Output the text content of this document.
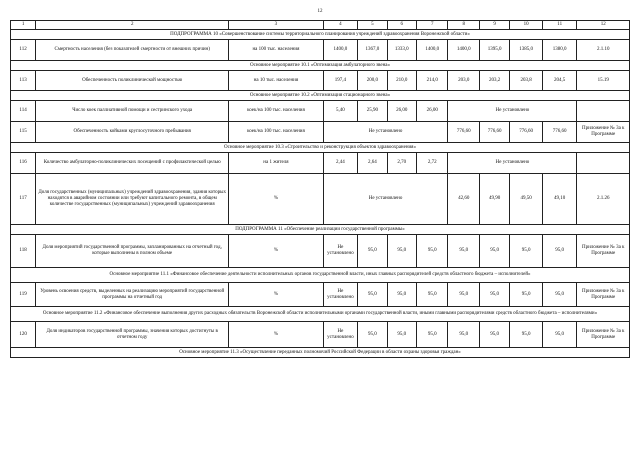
12
1	2	3	4	5	6	7	8	9	10	11	12
ПОДПРОГРАММА 10 «Совершенствование системы территориального планирования учреждений здравоохранения Воронежской области»											
112	Смертность населения (без показателей смертности от внешних причин)	на 100 тыс. населения	1400,0	1367,0	1333,0	1400,0	1400,0	1395,0	1385,0	1380,0	2.1.10
Основное мероприятие 10.1 «Оптимизация амбулаторного звена»											
113	Обеспеченность поликлинической мощностью	на 10 тыс. населения	197,4	200,0	210,0	214,0	203,0	203,2	203,8	204,5	15.19
Основное мероприятие 10.2 «Оптимизация стационарного звена»											
114	Число коек паллиативной помощи и сестринского ухода	коек/на 100 тыс. населения	5,40	25,90	26,00	26,00	Не установлено				
115	Обеспеченность койками круглосуточного пребывания	коек/на 100 тыс. населения	Не установлено				776,60	776,60	776,60	776,60	Приложение № 3а к Программе
Основное мероприятие 10.3 «Строительство и реконструкция объектов здравоохранения»											
116	Количество амбулаторно-поликлинических посещений с профилактической целью	на 1 жителя	2,44	2,64	2,70	2,72	Не установлено				
117	Доля государственных (муниципальных) учреждений здравоохранения, здания которых находятся в аварийном состоянии или требуют капитального ремонта, в общем количестве государственных (муниципальных) учреждений здравоохранения	%	Не установлено				42,60	49,90	49,50	49,10	2.1.26
ПОДПРОГРАММА 11 «Обеспечение реализации государственной программы»											
118	Доля мероприятий государственной программы, запланированных на отчетный год, которые выполнены в полном объеме	%	Не установлено	95,0	95,0	95,0	95,0	95,0	95,0	95,0	Приложение № 3а к Программе
Основное мероприятие 11.1 «Финансовое обеспечение деятельности исполнительных органов государственной власти, иных главных распорядителей средств областного бюджета – исполнителей»											
119	Уровень освоения средств, выделенных на реализацию мероприятий государственной программы на отчетный год	%	Не установлено	95,0	95,0	95,0	95,0	95,0	95,0	95,0	Приложение № 3а к Программе
Основное мероприятие 11.2 «Финансовое обеспечение выполнения других расходных обязательств Воронежской области исполнительными органами государственной власти, иными главными распорядителями средств областного бюджета – исполнителями»											
120	Доля индикаторов государственной программы, значения которых достигнуты в отчетном году	%	Не установлено	95,0	95,0	95,0	95,0	95,0	95,0	95,0	Приложение № 3а к Программе
Основное мероприятие 11.3 «Осуществление переданных полномочий Российской Федерации в области охраны здоровья граждан»											
